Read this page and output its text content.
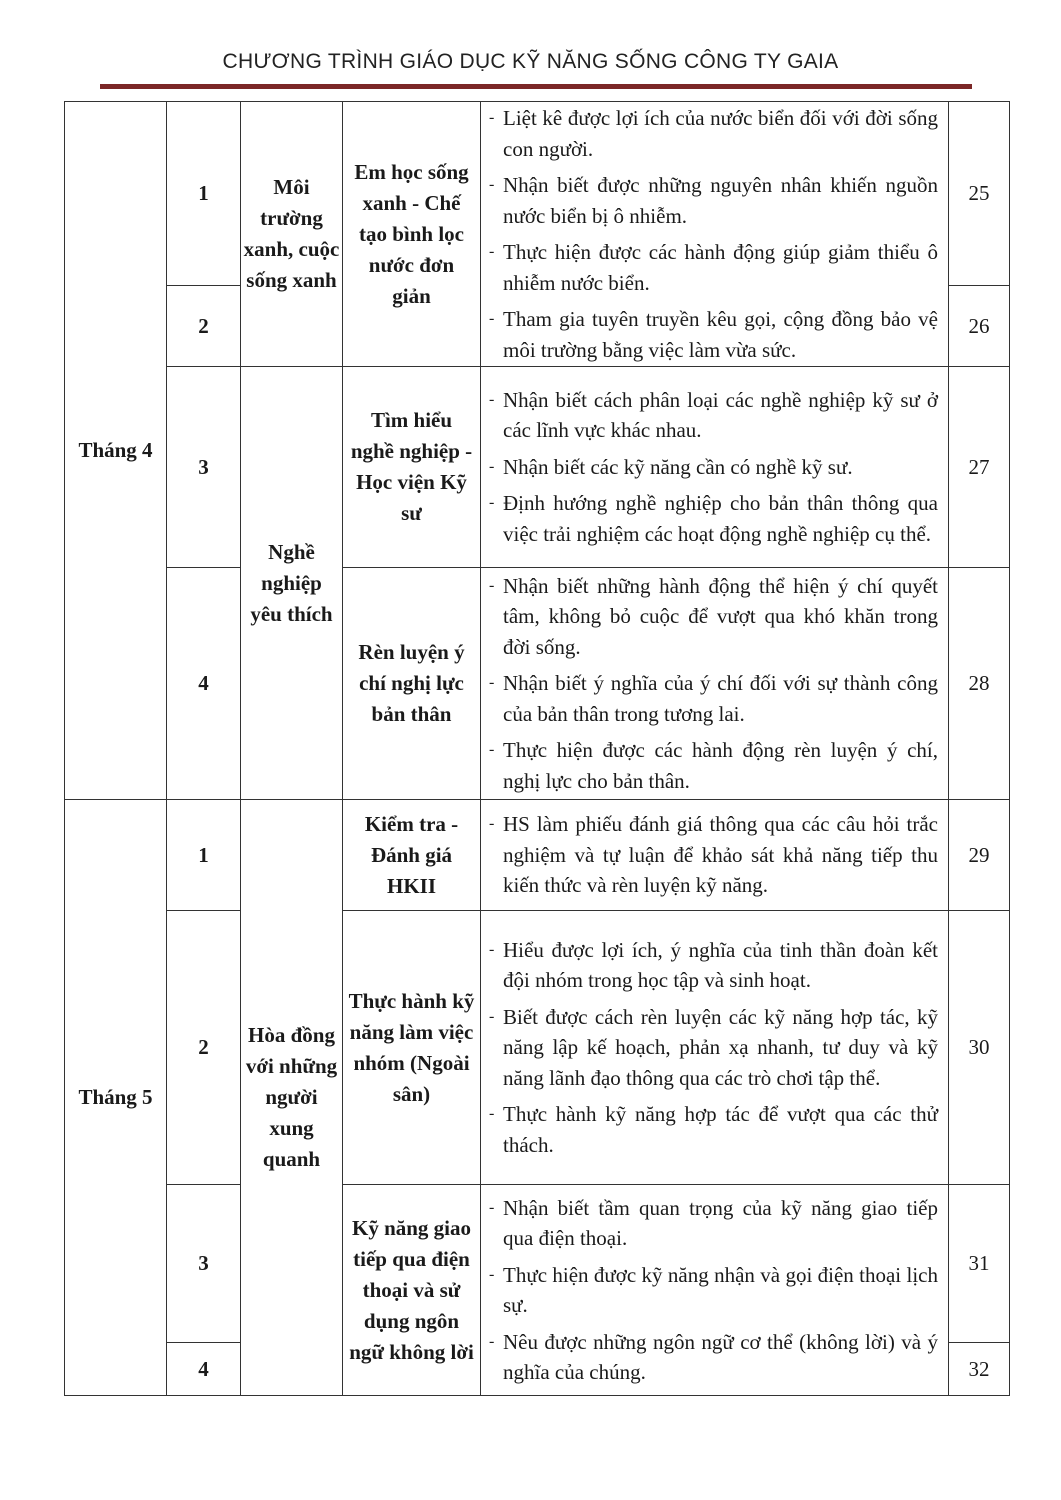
CHƯƠNG TRÌNH GIÁO DỤC KỸ NĂNG SỐNG CÔNG TY GAIA
Tháng 4
Tháng 5
1
2
3
4
1
2
3
4
Môi trường xanh, cuộc sống xanh
Nghề nghiệp yêu thích
Hòa đồng với những người xung quanh
Em học sống xanh - Chế tạo bình lọc nước đơn giản
Tìm hiểu nghề nghiệp - Học viện Kỹ sư
Rèn luyện ý chí nghị lực bản thân
Kiểm tra - Đánh giá HKII
Thực hành kỹ năng làm việc nhóm (Ngoài sân)
Kỹ năng giao tiếp qua điện thoại và sử dụng ngôn ngữ không lời
- Liệt kê được lợi ích của nước biển đối với đời sống con người.
- Nhận biết được những nguyên nhân khiến nguồn nước biển bị ô nhiễm.
- Thực hiện được các hành động giúp giảm thiểu ô nhiễm nước biển.
- Tham gia tuyên truyền kêu gọi, cộng đồng bảo vệ môi trường bằng việc làm vừa sức.
- Nhận biết cách phân loại các nghề nghiệp kỹ sư ở các lĩnh vực khác nhau.
- Nhận biết các kỹ năng cần có nghề kỹ sư.
- Định hướng nghề nghiệp cho bản thân thông qua việc trải nghiệm các hoạt động nghề nghiệp cụ thể.
- Nhận biết những hành động thể hiện ý chí quyết tâm, không bỏ cuộc để vượt qua khó khăn trong đời sống.
- Nhận biết ý nghĩa của ý chí đối với sự thành công của bản thân trong tương lai.
- Thực hiện được các hành động rèn luyện ý chí, nghị lực cho bản thân.
- HS làm phiếu đánh giá thông qua các câu hỏi trắc nghiệm và tự luận để khảo sát khả năng tiếp thu kiến thức và rèn luyện kỹ năng.
- Hiểu được lợi ích, ý nghĩa của tinh thần đoàn kết đội nhóm trong học tập và sinh hoạt.
- Biết được cách rèn luyện các kỹ năng hợp tác, kỹ năng lập kế hoạch, phản xạ nhanh, tư duy và kỹ năng lãnh đạo thông qua các trò chơi tập thể.
- Thực hành kỹ năng hợp tác để vượt qua các thử thách.
- Nhận biết tầm quan trọng của kỹ năng giao tiếp qua điện thoại.
- Thực hiện được kỹ năng nhận và gọi điện thoại lịch sự.
- Nêu được những ngôn ngữ cơ thể (không lời) và ý nghĩa của chúng.
25
26
27
28
29
30
31
32
